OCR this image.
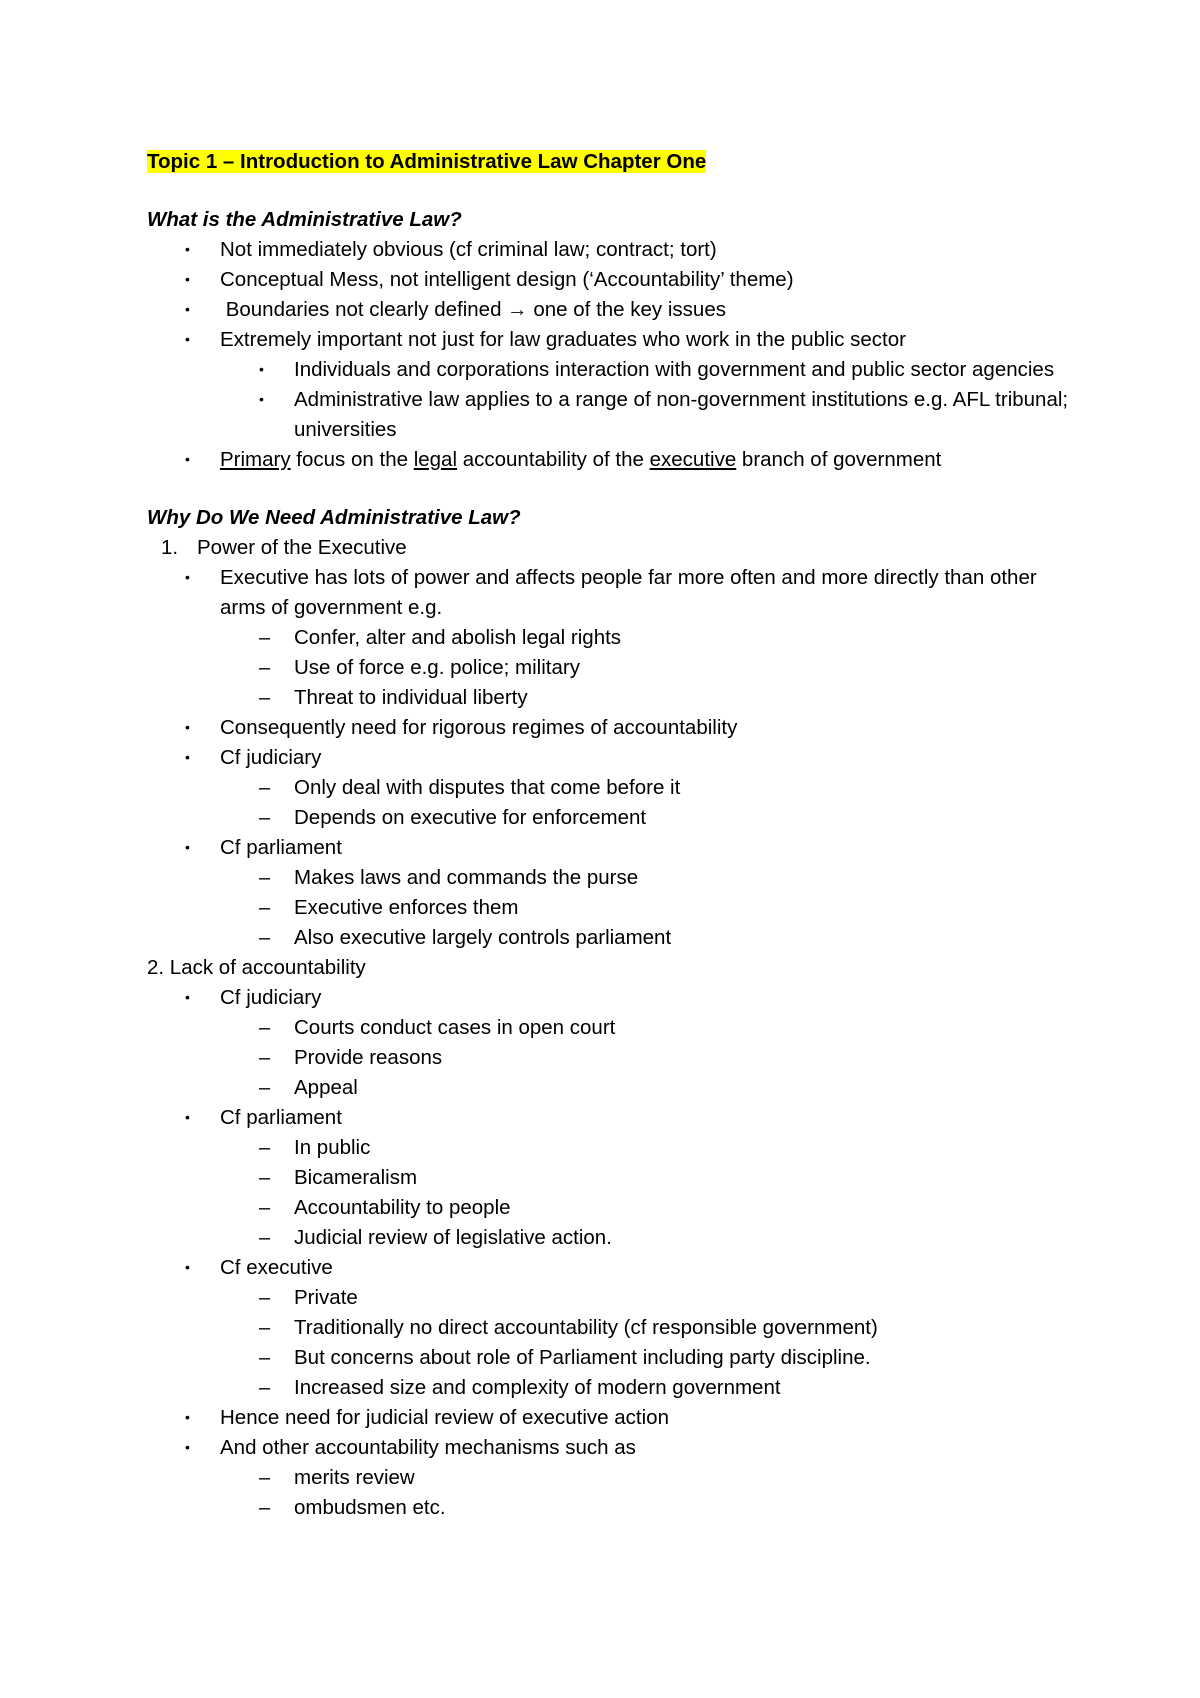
Topic 1 – Introduction to Administrative Law Chapter One
What is the Administrative Law?
•	Not immediately obvious (cf criminal law; contract; tort)
•	Conceptual Mess, not intelligent design (‘Accountability’ theme)
•	Boundaries not clearly defined → one of the key issues
•	Extremely important not just for law graduates who work in the public sector
•	Individuals and corporations interaction with government and public sector agencies
•	Administrative law applies to a range of non-government institutions e.g. AFL tribunal; universities
•	Primary focus on the legal accountability of the executive branch of government
Why Do We Need Administrative Law?
1. Power of the Executive
•	Executive has lots of power and affects people far more often and more directly than other arms of government e.g.
–	Confer, alter and abolish legal rights
–	Use of force e.g. police; military
–	Threat to individual liberty
•	Consequently need for rigorous regimes of accountability
•	Cf judiciary
–	Only deal with disputes that come before it
–	Depends on executive for enforcement
•	Cf parliament
–	Makes laws and commands the purse
–	Executive enforces them
–	Also executive largely controls parliament
2. Lack of accountability
•	Cf judiciary
–	Courts conduct cases in open court
–	Provide reasons
–	Appeal
•	Cf parliament
–	In public
–	Bicameralism
–	Accountability to people
–	Judicial review of legislative action.
•	Cf executive
–	Private
–	Traditionally no direct accountability (cf responsible government)
–	But concerns about role of Parliament including party discipline.
–	Increased size and complexity of modern government
•	Hence need for judicial review of executive action
•	And other accountability mechanisms such as
–	merits review
–	ombudsmen etc.
